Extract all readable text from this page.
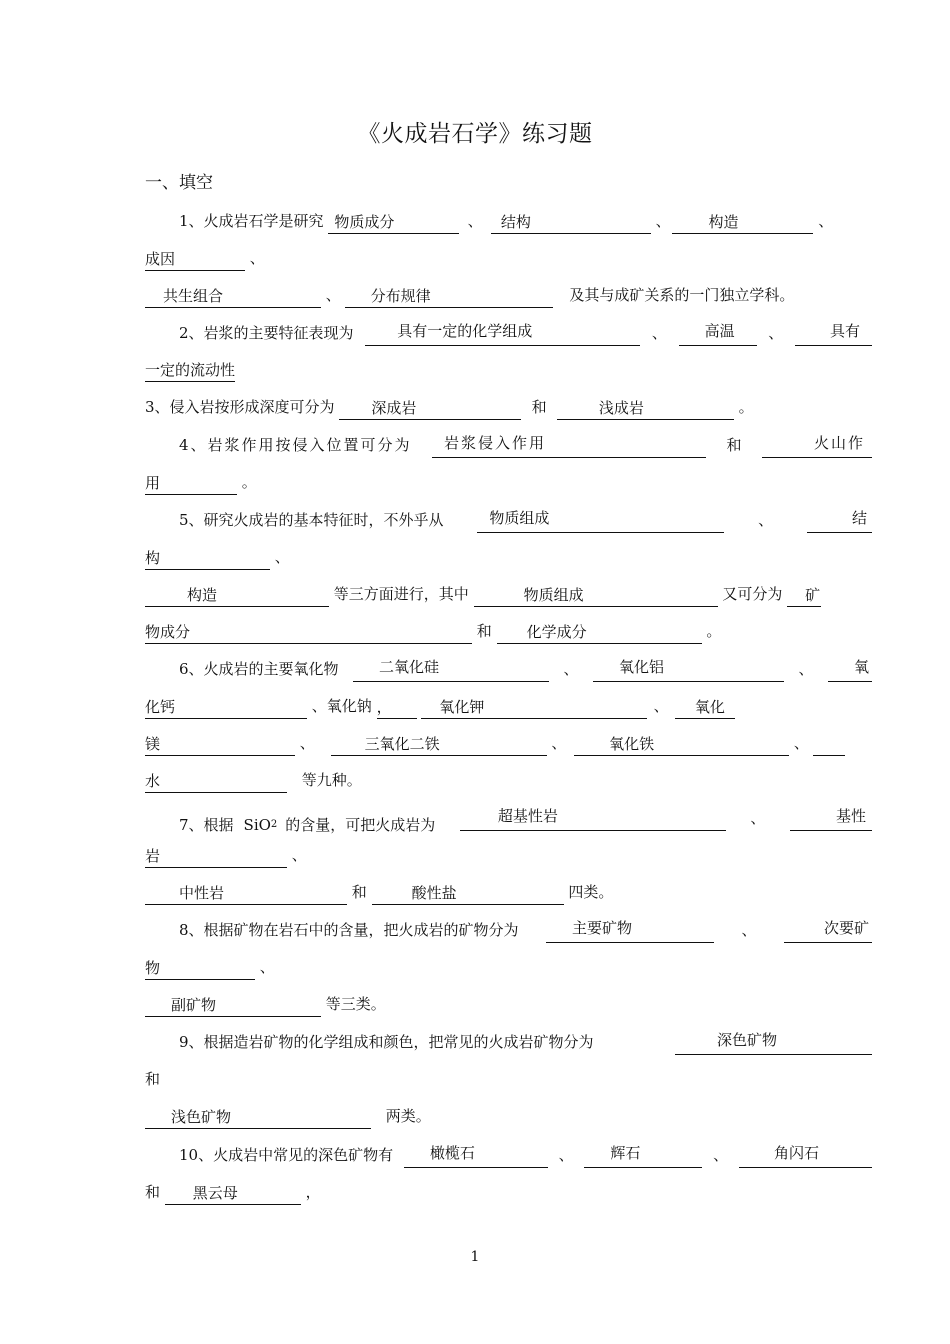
《火成岩石学》练习题
一、填空
1、火成岩石学是研究 物质成分	、 结构	、	构造	、
成因	、
共生组合	、 分布规律	及其与成矿关系的一门独立学科。
2、岩浆的主要特征表现为	具有一定的化学组成	、	高温	、	具有
一定的流动性
3、侵入岩按形成深度可分为 深成岩	和	浅成岩	。
4、岩浆作用按侵入位置可分为	岩浆侵入作用	和	火山作
用	。
5、研究火成岩的基本特征时，不外乎从	物质组成	、	结
构	、
构造	等三方面进行，其中	物质组成	又可分为 矿
物成分	和 化学成分	。
6、火成岩的主要氧化物	二氧化硅	、	氧化铝	、	氧
化钙	、氧化钠 ，	氧化钾	、 氧化
镁	、	三氧化二铁	、	氧化铁	、
水	等九种。
7、根据 SiO$_2$ 的含量，可把火成岩为	超基性岩	、	基性
岩	、
中性岩	和	酸性盐	四类。
8、根据矿物在岩石中的含量，把火成岩的矿物分为	主要矿物	、	次要矿
物	、
副矿物	等三类。
9、根据造岩矿物的化学组成和颜色，把常见的火成岩矿物分为	深色矿物
和
浅色矿物	两类。
10、火成岩中常见的深色矿物有	橄榄石	、	辉石	、	角闪石
和 黑云母	，
1
